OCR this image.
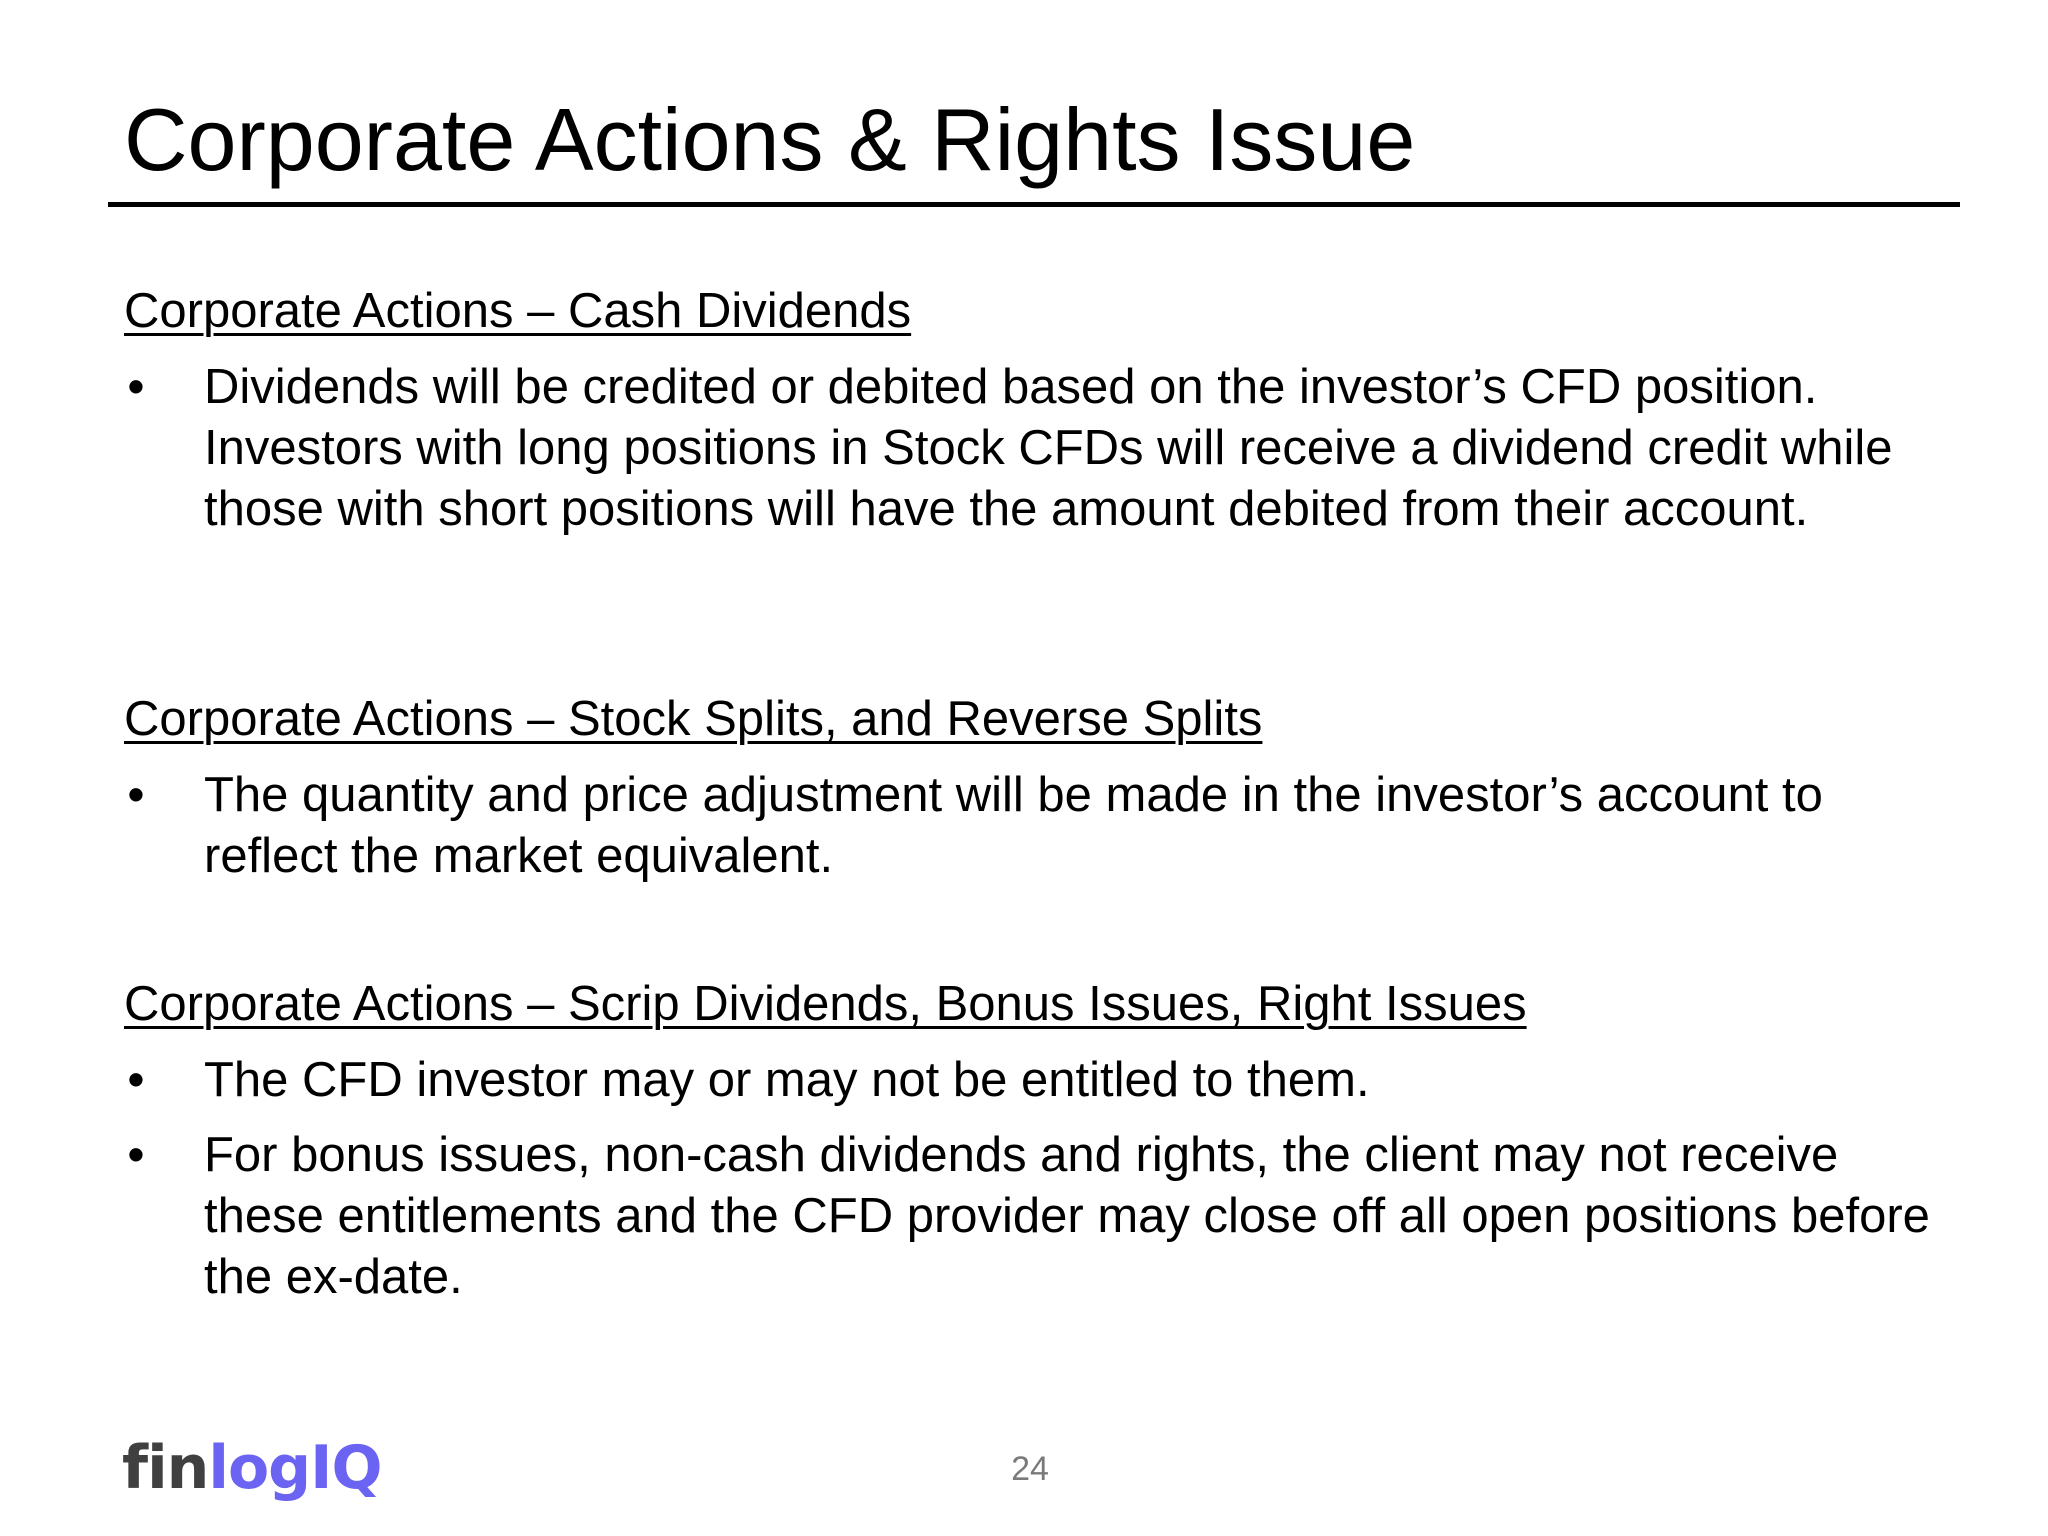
Corporate Actions & Rights Issue
Corporate Actions – Cash Dividends
• Dividends will be credited or debited based on the investor’s CFD position. Investors with long positions in Stock CFDs will receive a dividend credit while those with short positions will have the amount debited from their account.
Corporate Actions – Stock Splits, and Reverse Splits
• The quantity and price adjustment will be made in the investor’s account to reflect the market equivalent.
Corporate Actions – Scrip Dividends, Bonus Issues, Right Issues
• The CFD investor may or may not be entitled to them.
• For bonus issues, non-cash dividends and rights, the client may not receive these entitlements and the CFD provider may close off all open positions before the ex-date.
finlogIQ	24
